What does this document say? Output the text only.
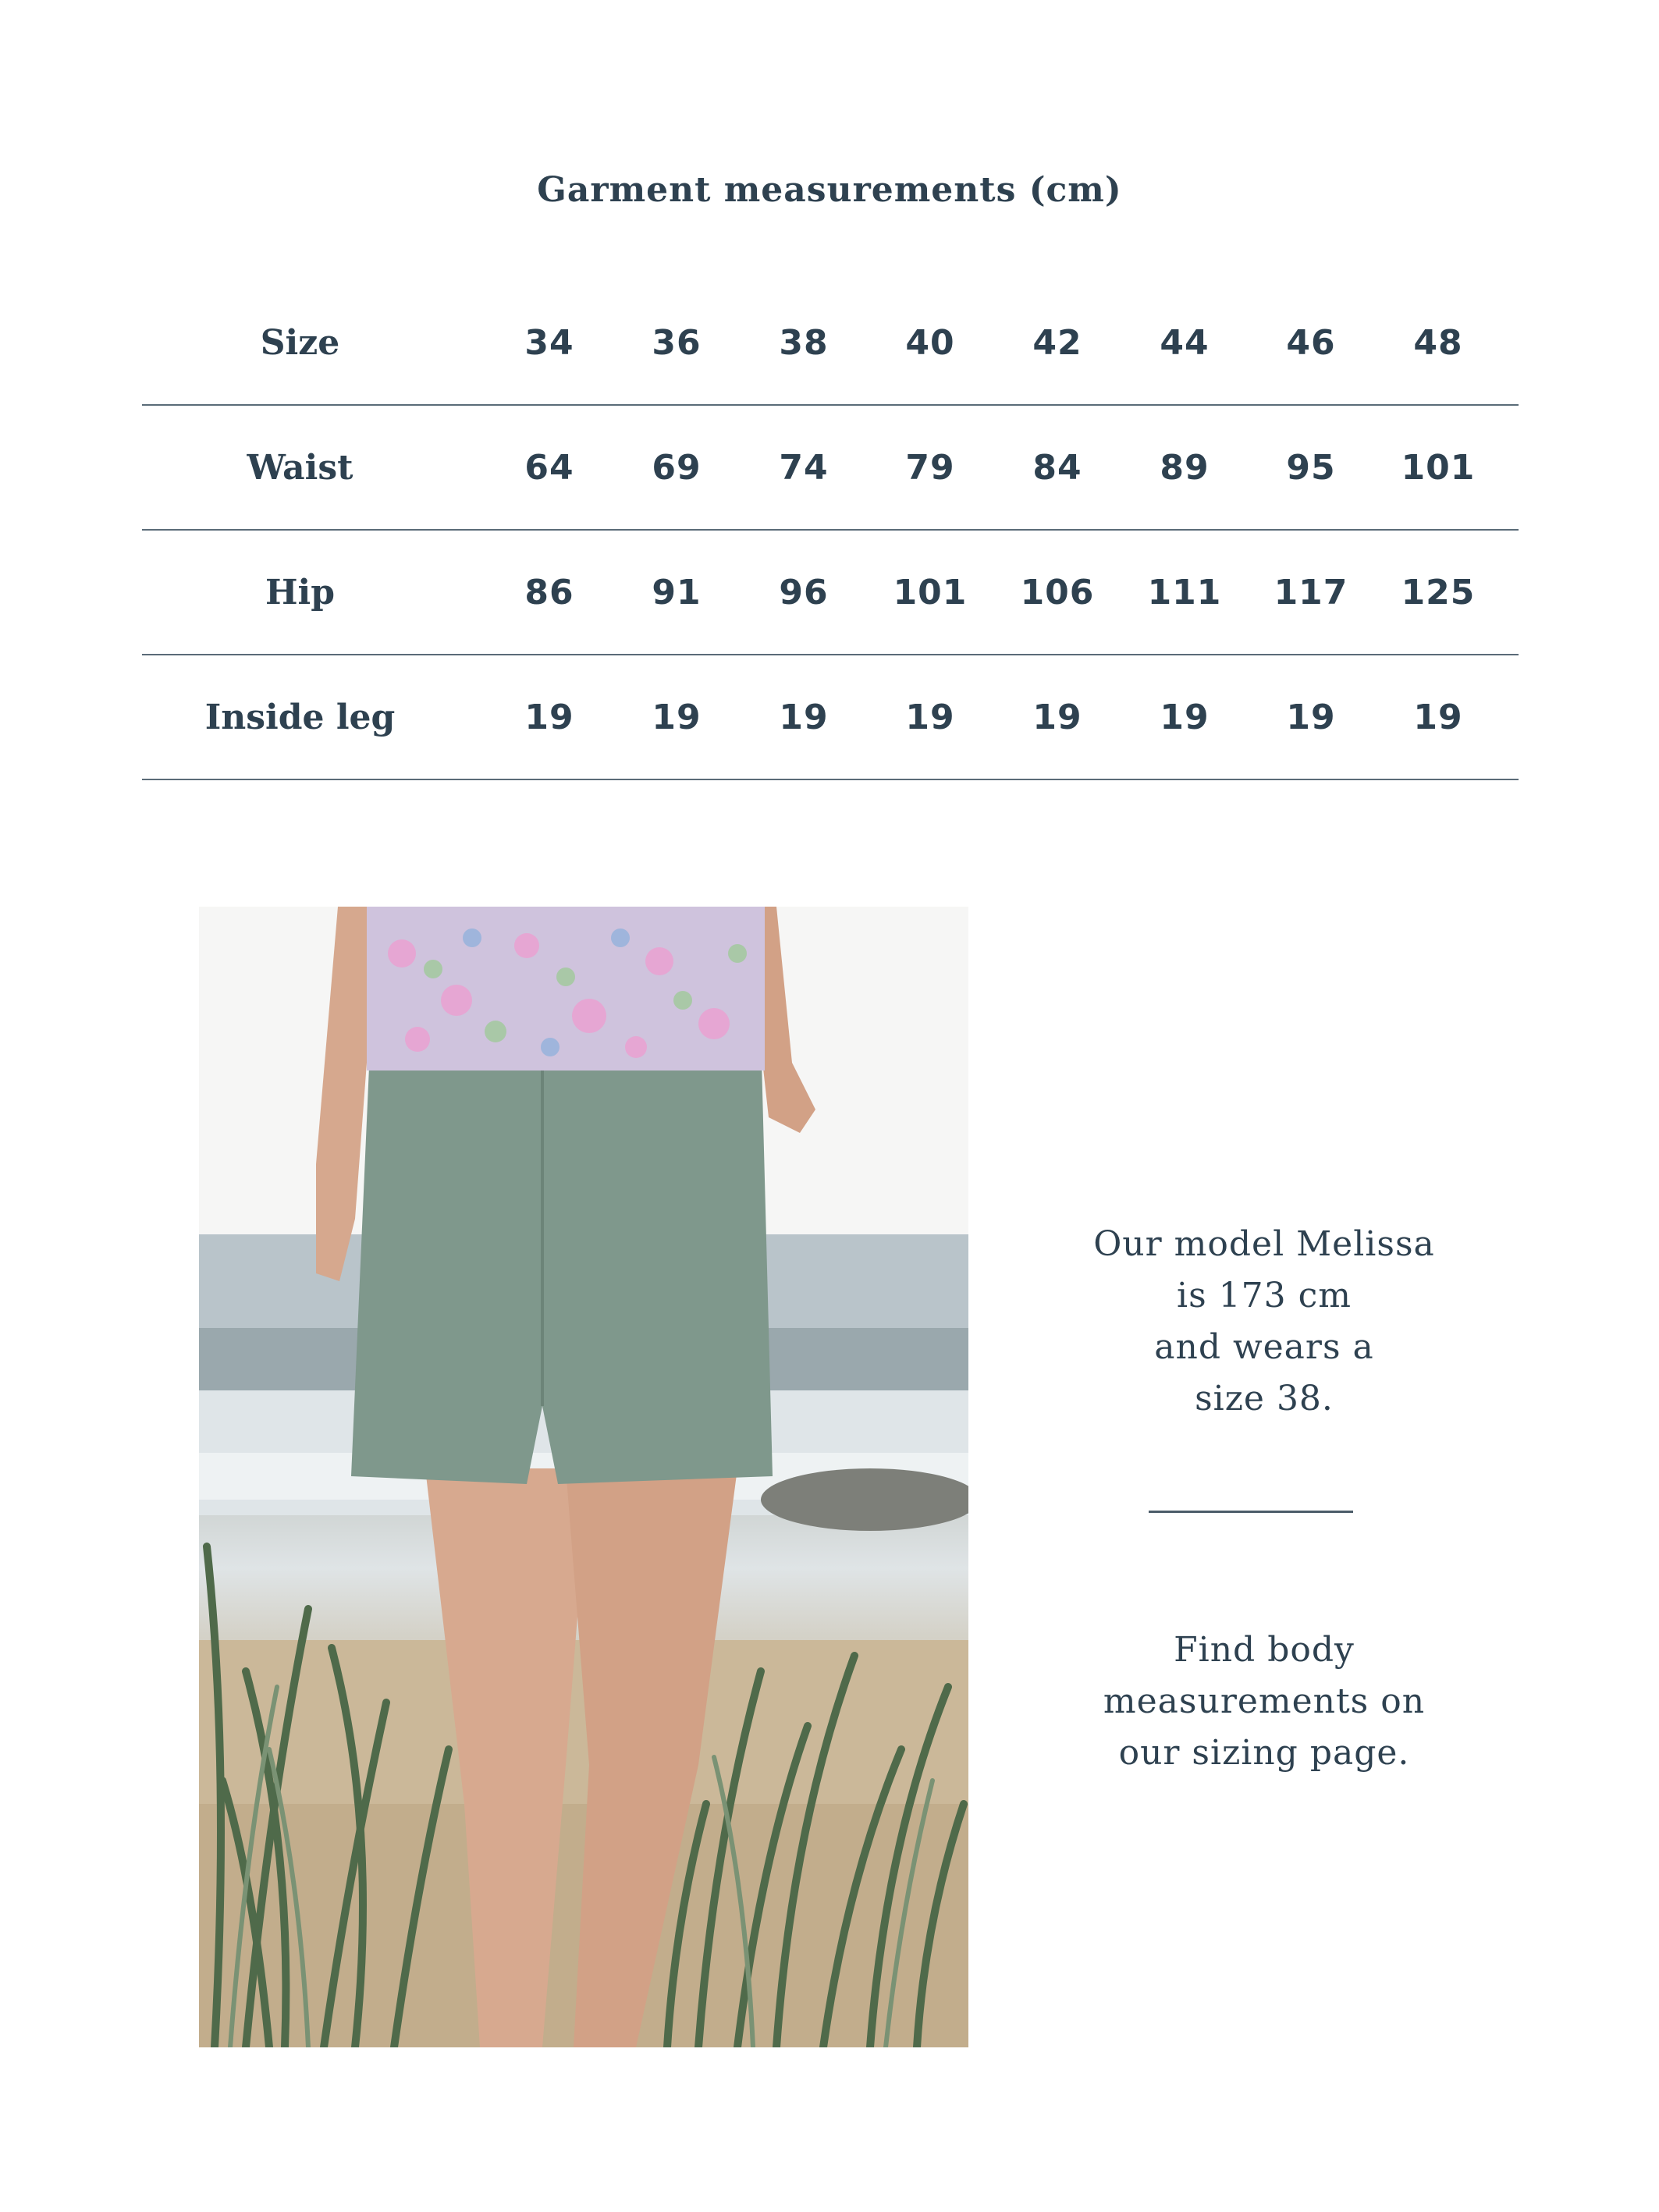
Garment measurements (cm)
Size	34	36	38	40	42	44	46	48
Waist	64	69	74	79	84	89	95	101
Hip	86	91	96	101	106	111	117	125
Inside leg	19	19	19	19	19	19	19	19
Our model Melissa
is 173 cm
and wears a
size 38.
Find body
measurements on
our sizing page.
